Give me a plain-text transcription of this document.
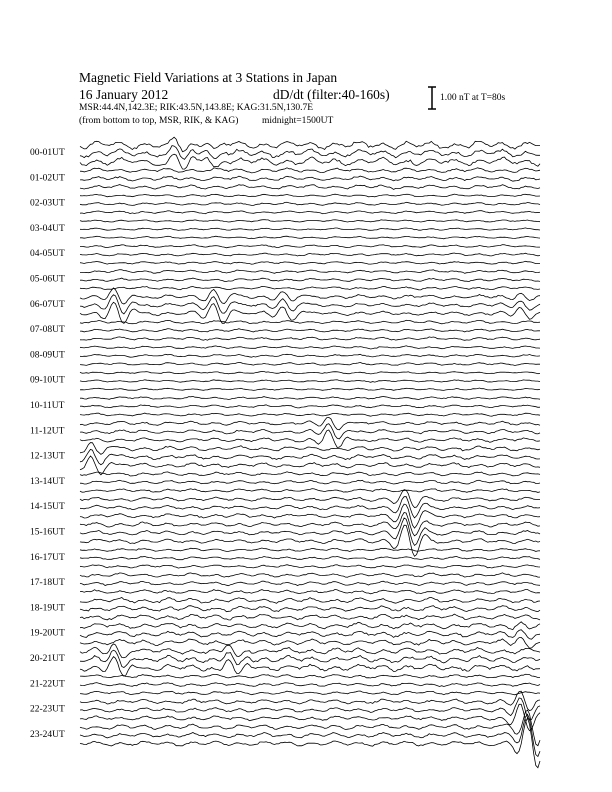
Magnetic Field Variations at 3 Stations in Japan
16 January 2012	dD/dt (filter:40-160s)
MSR:44.4N,142.3E; RIK:43.5N,143.8E; KAG:31.5N,130.7E
(from bottom to top, MSR, RIK, & KAG) midnight=1500UT
1.00 nT at T=80s
00-01UT
01-02UT
02-03UT
03-04UT
04-05UT
05-06UT
06-07UT
07-08UT
08-09UT
09-10UT
10-11UT
11-12UT
12-13UT
13-14UT
14-15UT
15-16UT
16-17UT
17-18UT
18-19UT
19-20UT
20-21UT
21-22UT
22-23UT
23-24UT
